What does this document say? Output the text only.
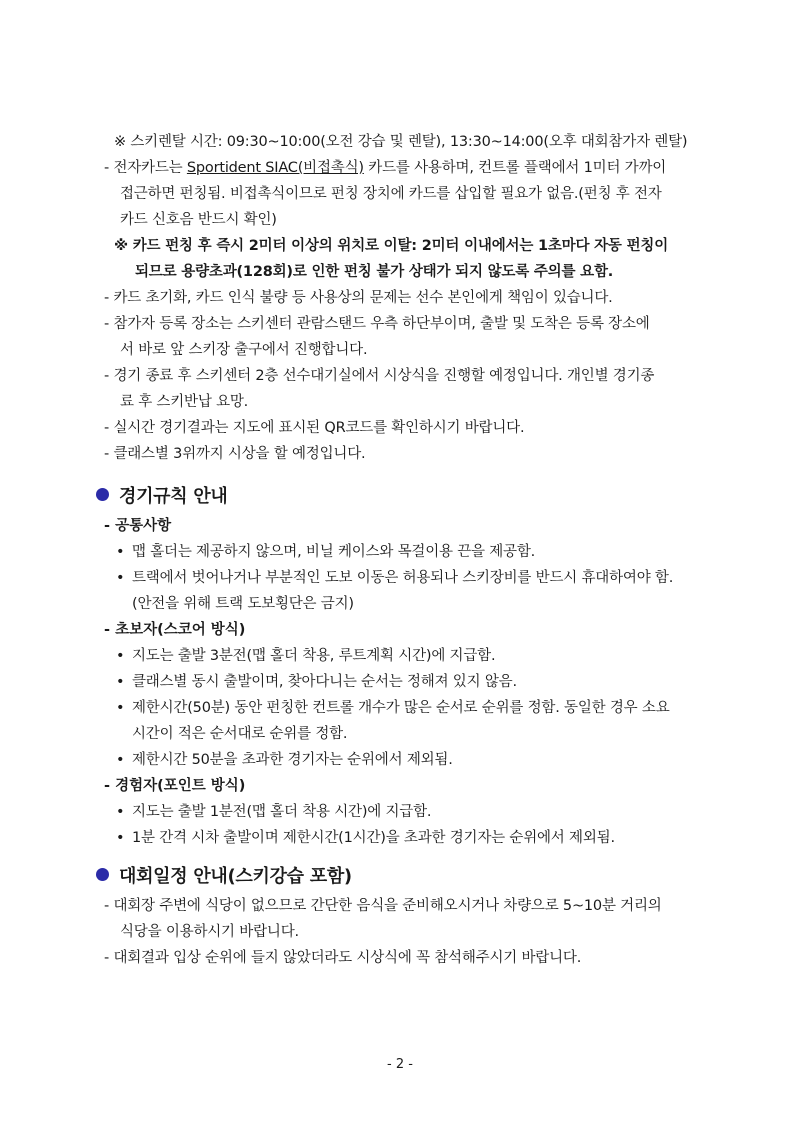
※ 스키렌탈 시간: 09:30~10:00(오전 강습 및 렌탈), 13:30~14:00(오후 대회참가자 렌탈)
- 전자카드는 Sportident SIAC(비접촉식) 카드를 사용하며, 컨트롤 플랙에서 1미터 가까이
접근하면 펀칭됨. 비접촉식이므로 펀칭 장치에 카드를 삽입할 필요가 없음.(펀칭 후 전자
카드 신호음 반드시 확인)
※ 카드 펀칭 후 즉시 2미터 이상의 위치로 이탈: 2미터 이내에서는 1초마다 자동 펀칭이
되므로 용량초과(128회)로 인한 펀칭 불가 상태가 되지 않도록 주의를 요함.
- 카드 초기화, 카드 인식 불량 등 사용상의 문제는 선수 본인에게 책임이 있습니다.
- 참가자 등록 장소는 스키센터 관람스탠드 우측 하단부이며, 출발 및 도착은 등록 장소에
서 바로 앞 스키장 출구에서 진행합니다.
- 경기 종료 후 스키센터 2층 선수대기실에서 시상식을 진행할 예정입니다. 개인별 경기종
료 후 스키반납 요망.
- 실시간 경기결과는 지도에 표시된 QR코드를 확인하시기 바랍니다.
- 클래스별 3위까지 시상을 할 예정입니다.
경기규칙 안내
- 공통사항
• 맵 홀더는 제공하지 않으며, 비닐 케이스와 목걸이용 끈을 제공함.
• 트랙에서 벗어나거나 부분적인 도보 이동은 허용되나 스키장비를 반드시 휴대하여야 함.
(안전을 위해 트랙 도보횡단은 금지)
- 초보자(스코어 방식)
• 지도는 출발 3분전(맵 홀더 착용, 루트계획 시간)에 지급함.
• 클래스별 동시 출발이며, 찾아다니는 순서는 정해져 있지 않음.
• 제한시간(50분) 동안 펀칭한 컨트롤 개수가 많은 순서로 순위를 정함. 동일한 경우 소요
시간이 적은 순서대로 순위를 정함.
• 제한시간 50분을 초과한 경기자는 순위에서 제외됨.
- 경험자(포인트 방식)
• 지도는 출발 1분전(맵 홀더 착용 시간)에 지급함.
• 1분 간격 시차 출발이며 제한시간(1시간)을 초과한 경기자는 순위에서 제외됨.
대회일정 안내(스키강습 포함)
- 대회장 주변에 식당이 없으므로 간단한 음식을 준비해오시거나 차량으로 5~10분 거리의
식당을 이용하시기 바랍니다.
- 대회결과 입상 순위에 들지 않았더라도 시상식에 꼭 참석해주시기 바랍니다.
- 2 -
